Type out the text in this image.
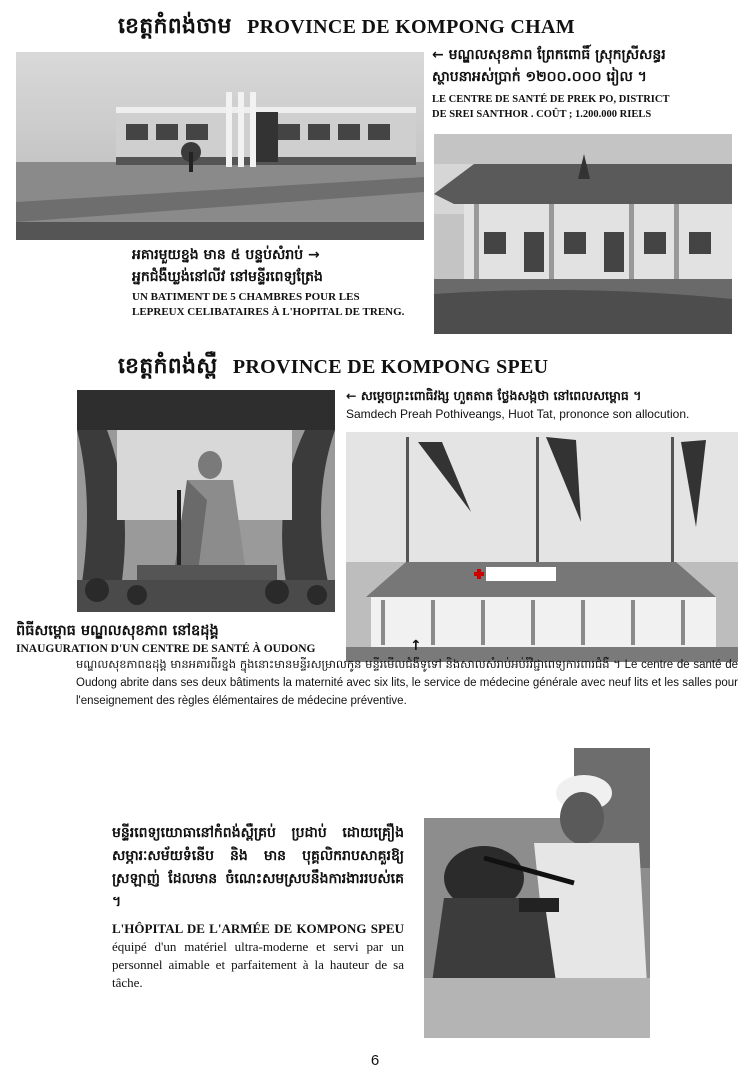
ខេត្តកំពង់ចាម PROVINCE DE KOMPONG CHAM

← មណ្ឌលសុខភាព ព្រែកពោធិ៍ ស្រុកស្រីសន្ធរ

ស្ថាបនាអស់ប្រាក់ ១២០០.០០០ រៀល ។

LE CENTRE DE SANTÉ DE PREK PO, DISTRICT

DE SREI SANTHOR . COÛT ; 1.200.000 RIELS

អគារមួយខ្នង មាន ៥ បន្ទប់សំរាប់ →

អ្នកជំងឺឃ្លង់នៅលីវ នៅមន្ទីរពេទ្យត្រែង

UN BATIMENT DE 5 CHAMBRES POUR LES

LEPREUX CELIBATAIRES À L'HOPITAL DE TRENG.

ខេត្តកំពង់ស្ពឺ PROVINCE DE KOMPONG SPEU

← សម្តេចព្រះពោធិវង្ស ហួតតាត ថ្លែងសង្កថា នៅពេលសម្ពោធ ។

Samdech Preah Pothiveangs, Huot Tat, prononce son allocution.

ពិធីសម្ពោធ មណ្ឌលសុខភាព នៅឧដុង្គ

INAUGURATION D'UN CENTRE DE SANTÉ À OUDONG	↑

មណ្ឌលសុខភាពឧដុង្គ មានអគារពីរខ្នង ក្នុងនោះមានមន្ទីរសម្រាលកូន មន្ទីរមើលជំងឺទូទៅ និងសាលសំរាប់អប់រំវិជ្ជាពេទ្យការពារជំងឺ ។ Le centre de santé de Oudong abrite dans ses deux bâtiments la maternité avec six lits, le service de médecine générale avec neuf lits et les salles pour l'enseignement des règles élémentaires de médecine préventive.

មន្ទីរពេទ្យយោធានៅកំពង់ស្ពឺគ្រប់ ប្រដាប់ ដោយគ្រឿងសម្ភារៈសម័យទំនើប និង មាន បុគ្គលិករាបសាគួរឱ្យស្រឡាញ់ ដែលមាន ចំណេះសមស្របនឹងការងាររបស់គេ ។

L'HÔPITAL DE L'ARMÉE DE KOMPONG SPEU équipé d'un matériel ultra-moderne et servi par un personnel aimable et parfaitement à la hauteur de sa tâche.

6
